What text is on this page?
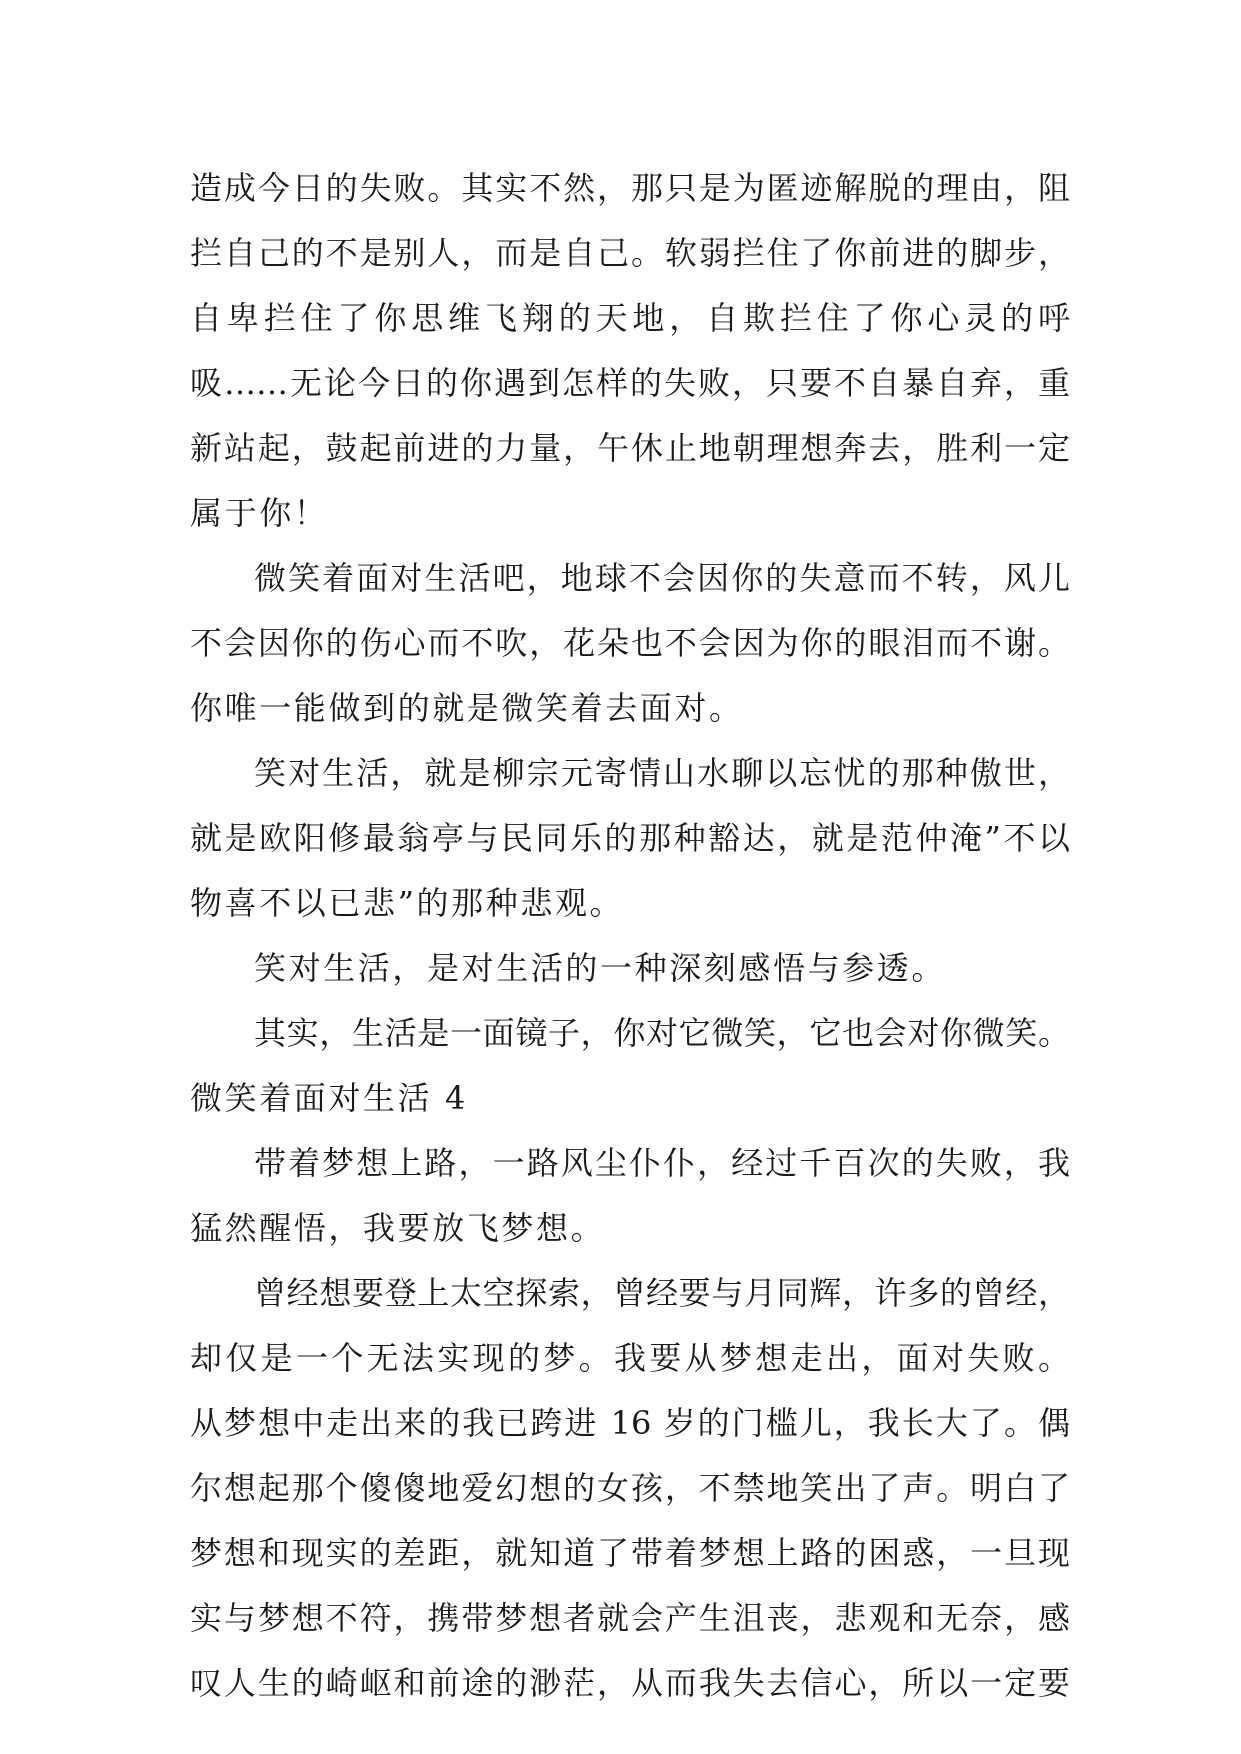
造成今日的失败。其实不然，那只是为匿迹解脱的理由，阻
拦自己的不是别人，而是自己。软弱拦住了你前进的脚步，
自卑拦住了你思维飞翔的天地，自欺拦住了你心灵的呼
吸……无论今日的你遇到怎样的失败，只要不自暴自弃，重
新站起，鼓起前进的力量，午休止地朝理想奔去，胜利一定
属于你！
微笑着面对生活吧，地球不会因你的失意而不转，风儿
不会因你的伤心而不吹，花朵也不会因为你的眼泪而不谢。
你唯一能做到的就是微笑着去面对。
笑对生活，就是柳宗元寄情山水聊以忘忧的那种傲世，
就是欧阳修最翁亭与民同乐的那种豁达，就是范仲淹”不以
物喜不以已悲”的那种悲观。
笑对生活，是对生活的一种深刻感悟与参透。
其实，生活是一面镜子，你对它微笑，它也会对你微笑。
微笑着面对生活 4
带着梦想上路，一路风尘仆仆，经过千百次的失败，我
猛然醒悟，我要放飞梦想。
曾经想要登上太空探索，曾经要与月同辉，许多的曾经，
却仅是一个无法实现的梦。我要从梦想走出，面对失败。
从梦想中走出来的我已跨进 16 岁的门槛儿，我长大了。偶
尔想起那个傻傻地爱幻想的女孩，不禁地笑出了声。明白了
梦想和现实的差距，就知道了带着梦想上路的困惑，一旦现
实与梦想不符，携带梦想者就会产生沮丧，悲观和无奈，感
叹人生的崎岖和前途的渺茫，从而我失去信心，所以一定要
